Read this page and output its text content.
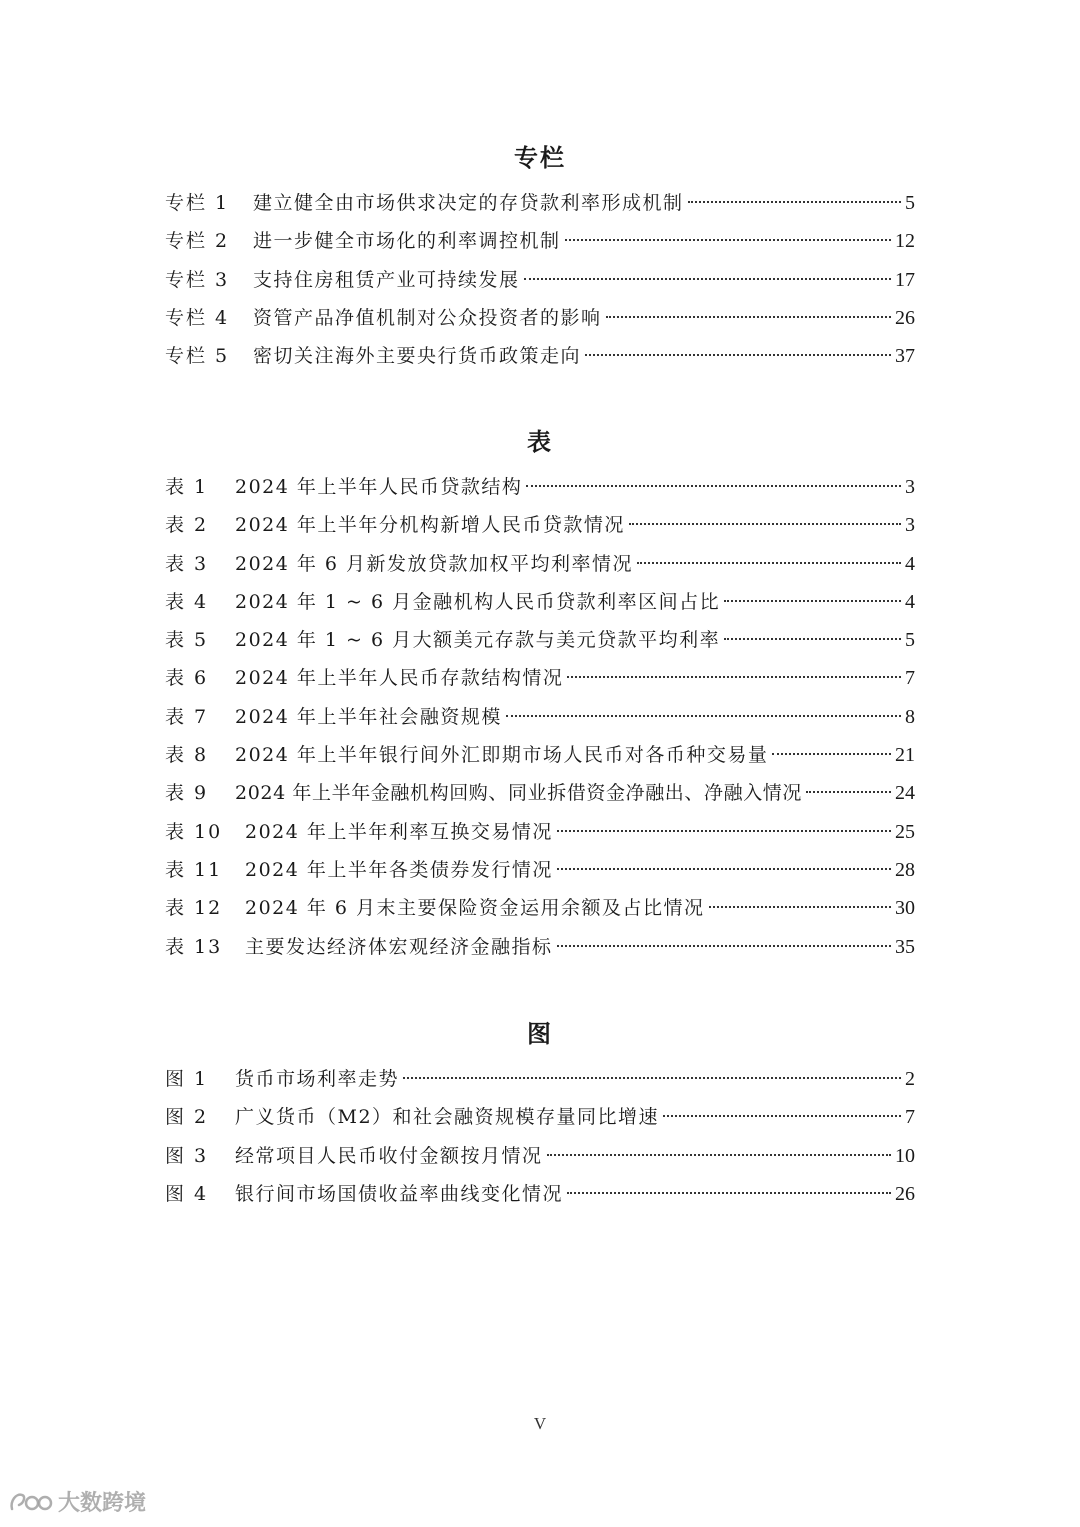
专栏
专栏 1	建立健全由市场供求决定的存贷款利率形成机制	5
专栏 2	进一步健全市场化的利率调控机制	12
专栏 3	支持住房租赁产业可持续发展	17
专栏 4	资管产品净值机制对公众投资者的影响	26
专栏 5	密切关注海外主要央行货币政策走向	37
表
表 1	2024 年上半年人民币贷款结构	3
表 2	2024 年上半年分机构新增人民币贷款情况	3
表 3	2024 年 6 月新发放贷款加权平均利率情况	4
表 4	2024 年 1 ~ 6 月金融机构人民币贷款利率区间占比	4
表 5	2024 年 1 ~ 6 月大额美元存款与美元贷款平均利率	5
表 6	2024 年上半年人民币存款结构情况	7
表 7	2024 年上半年社会融资规模	8
表 8	2024 年上半年银行间外汇即期市场人民币对各币种交易量	21
表 9	2024 年上半年金融机构回购、同业拆借资金净融出、净融入情况	24
表 10	2024 年上半年利率互换交易情况	25
表 11	2024 年上半年各类债券发行情况	28
表 12	2024 年 6 月末主要保险资金运用余额及占比情况	30
表 13	主要发达经济体宏观经济金融指标	35
图
图 1	货币市场利率走势	2
图 2	广义货币（M2）和社会融资规模存量同比增速	7
图 3	经常项目人民币收付金额按月情况	10
图 4	银行间市场国债收益率曲线变化情况	26
V
大数跨境
